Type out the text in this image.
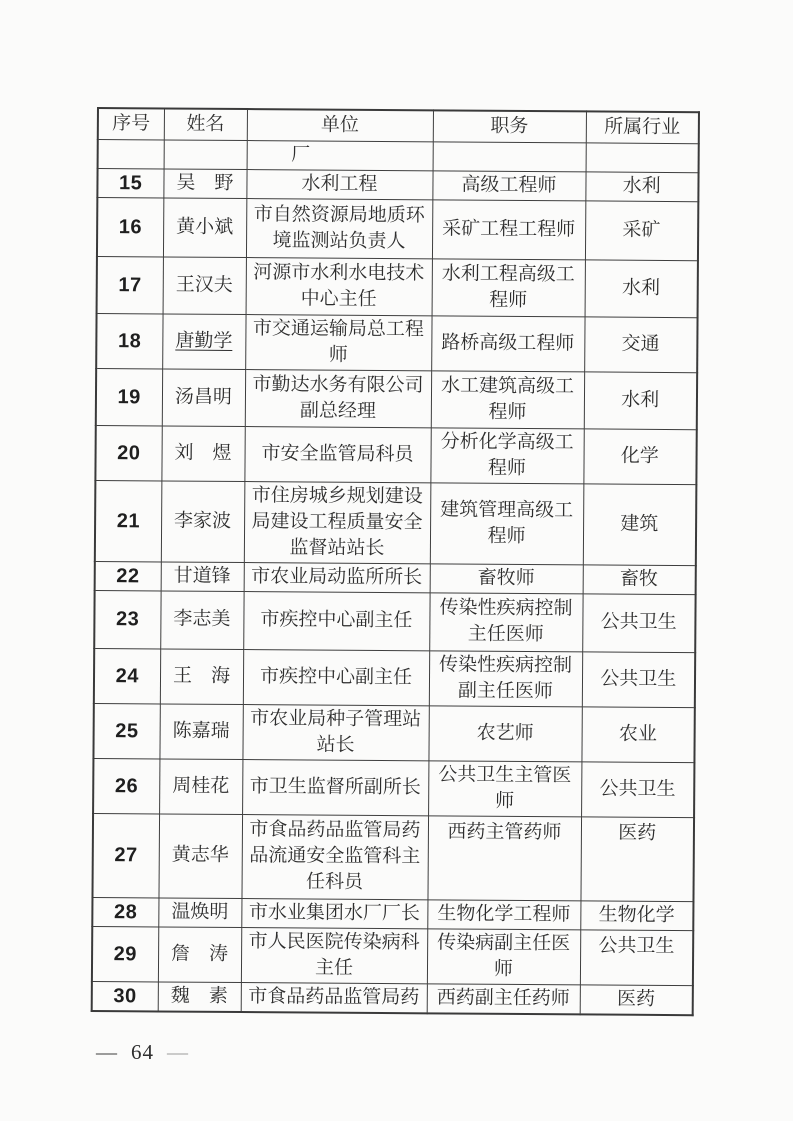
序号	姓名	单位	职务	所属行业
		厂		
15	吴　野	水利工程	高级工程师	水利
16	黄小斌	市自然资源局地质环境监测站负责人	采矿工程工程师	采矿
17	王汉夫	河源市水利水电技术中心主任	水利工程高级工程师	水利
18	唐勤学	市交通运输局总工程师	路桥高级工程师	交通
19	汤昌明	市勤达水务有限公司副总经理	水工建筑高级工程师	水利
20	刘　煜	市安全监管局科员	分析化学高级工程师	化学
21	李家波	市住房城乡规划建设局建设工程质量安全监督站站长	建筑管理高级工程师	建筑
22	甘道锋	市农业局动监所所长	畜牧师	畜牧
23	李志美	市疾控中心副主任	传染性疾病控制主任医师	公共卫生
24	王　海	市疾控中心副主任	传染性疾病控制副主任医师	公共卫生
25	陈嘉瑞	市农业局种子管理站站长	农艺师	农业
26	周桂花	市卫生监督所副所长	公共卫生主管医师	公共卫生
27	黄志华	市食品药品监管局药品流通安全监管科主任科员	西药主管药师	医药
28	温焕明	市水业集团水厂厂长	生物化学工程师	生物化学
29	詹　涛	市人民医院传染病科主任	传染病副主任医师	公共卫生
30	魏　素	市食品药品监管局药	西药副主任药师	医药
— 64 —
